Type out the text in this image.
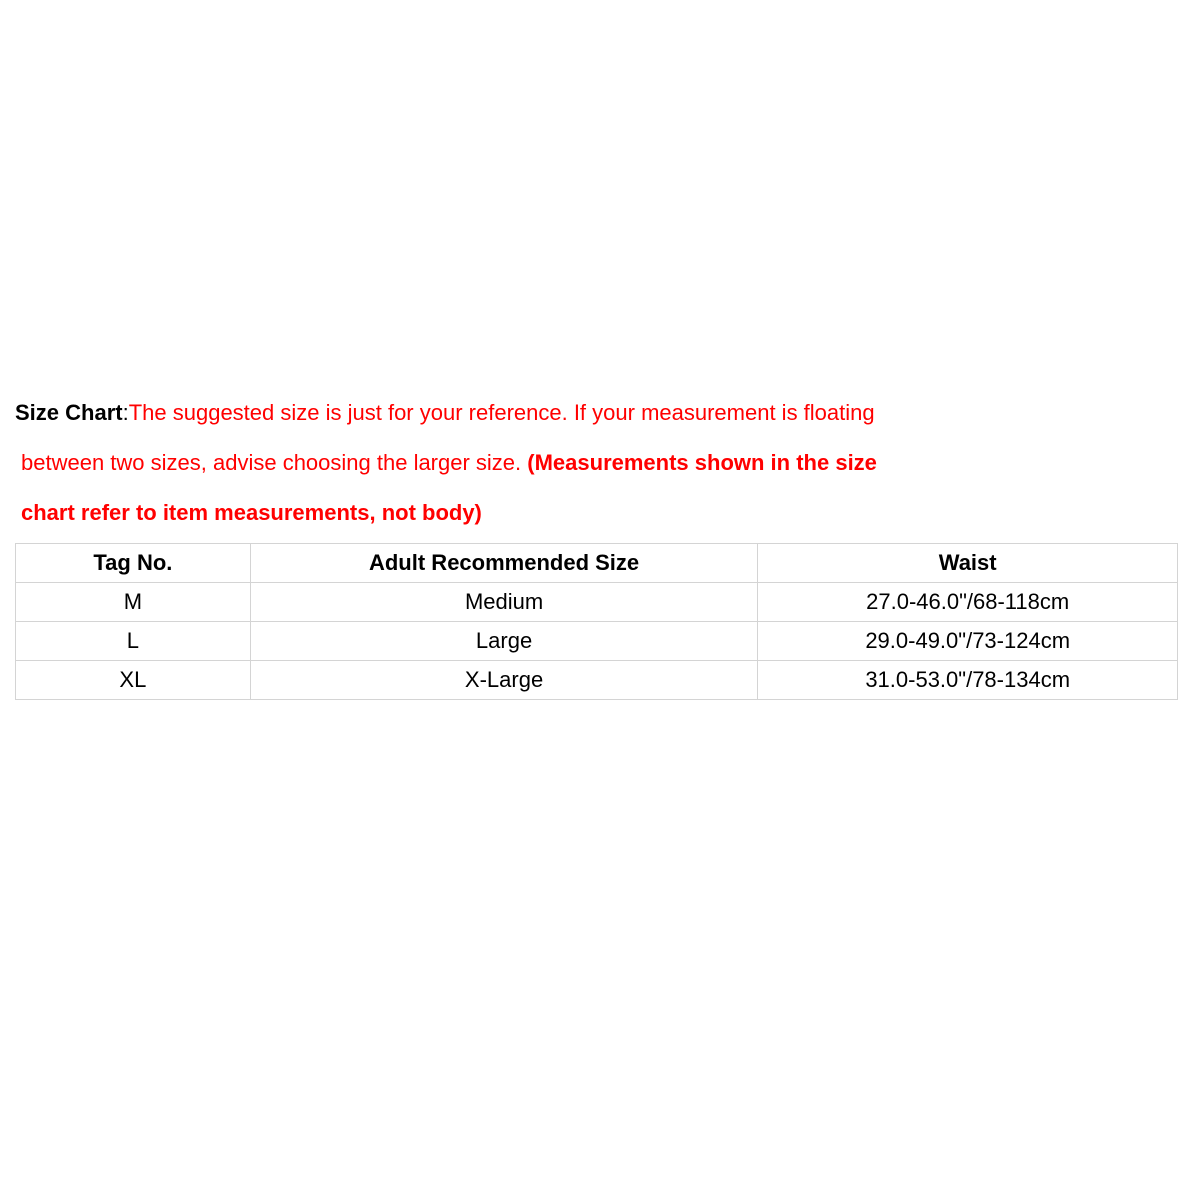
Size Chart:The suggested size is just for your reference. If your measurement is floating
between two sizes, advise choosing the larger size. (Measurements shown in the size
chart refer to item measurements, not body)
Tag No.	Adult Recommended Size	Waist
M	Medium	27.0-46.0"/68-118cm
L	Large	29.0-49.0"/73-124cm
XL	X-Large	31.0-53.0"/78-134cm
